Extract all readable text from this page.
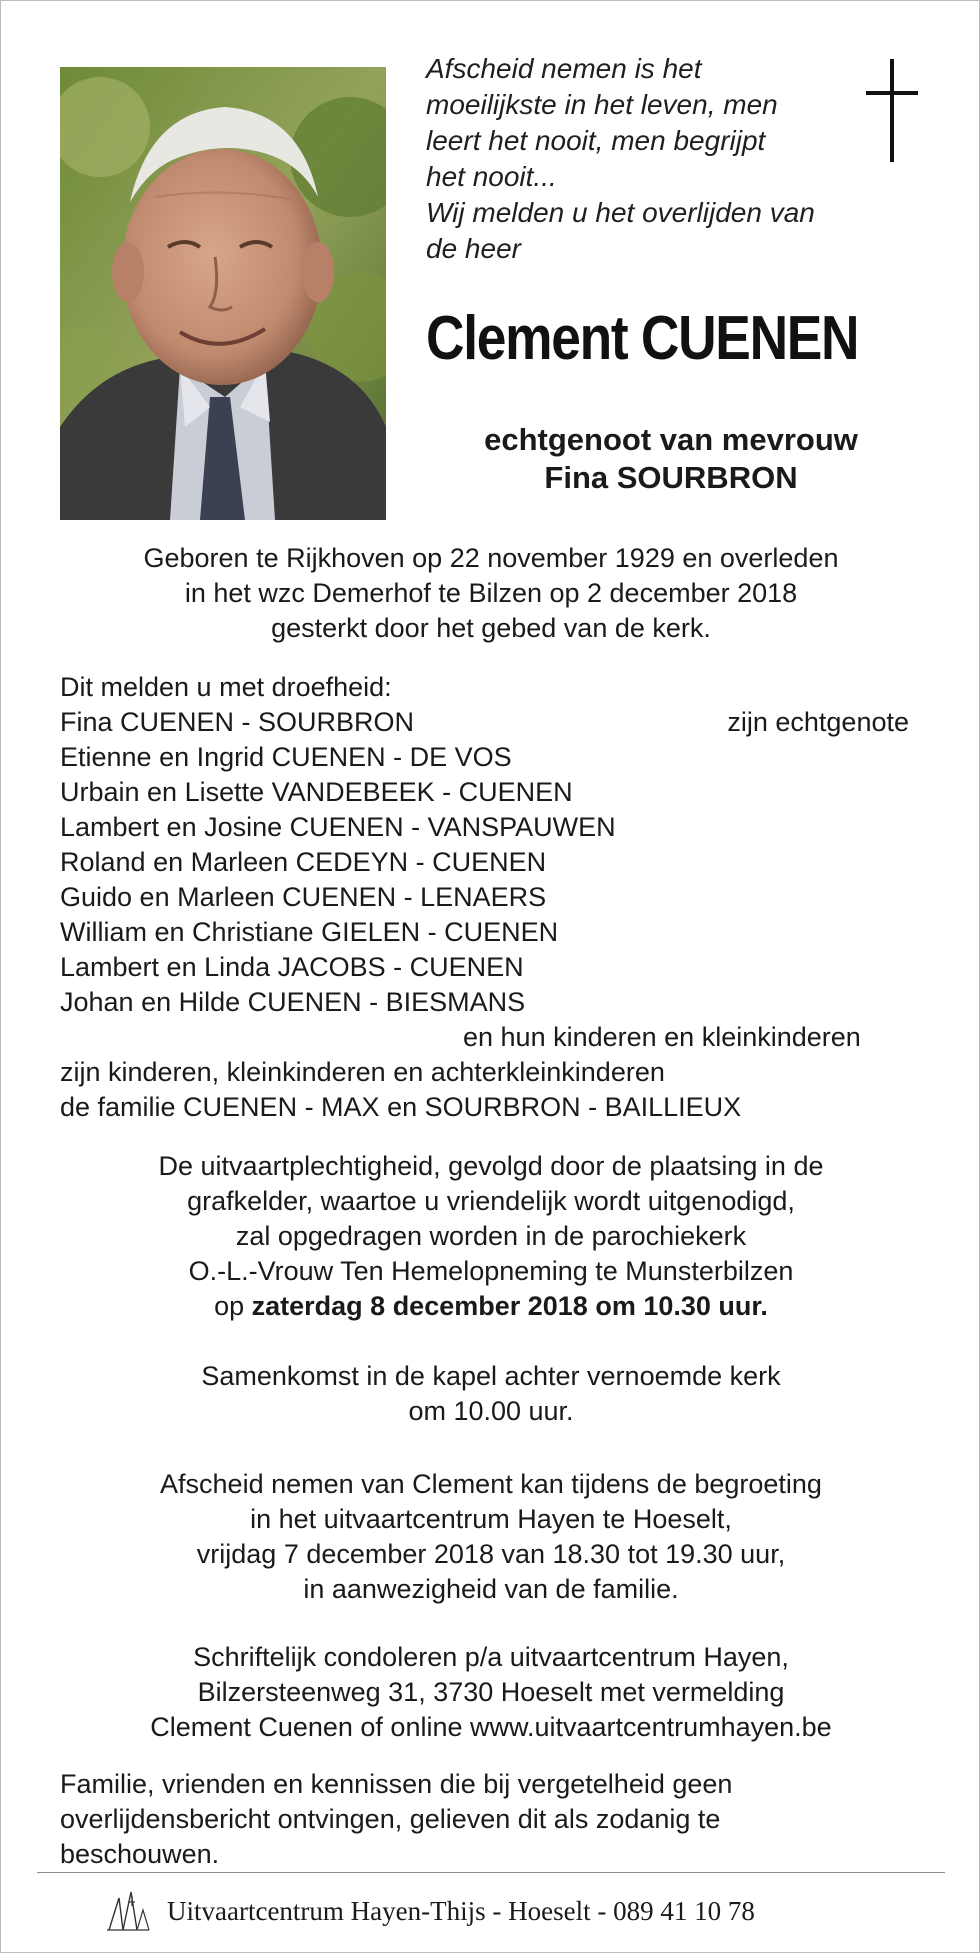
Afscheid nemen is het
moeilijkste in het leven, men
leert het nooit, men begrijpt
het nooit...
Wij melden u het overlijden van
de heer
Clement CUENEN
echtgenoot van mevrouw
Fina SOURBRON
Geboren te Rijkhoven op 22 november 1929 en overleden
in het wzc Demerhof te Bilzen op 2 december 2018
gesterkt door het gebed van de kerk.
Dit melden u met droefheid:
Fina CUENEN - SOURBRON	zijn echtgenote
Etienne en Ingrid CUENEN - DE VOS
Urbain en Lisette VANDEBEEK - CUENEN
Lambert en Josine CUENEN - VANSPAUWEN
Roland en Marleen CEDEYN - CUENEN
Guido en Marleen CUENEN - LENAERS
William en Christiane GIELEN - CUENEN
Lambert en Linda JACOBS - CUENEN
Johan en Hilde CUENEN - BIESMANS
en hun kinderen en kleinkinderen
zijn kinderen, kleinkinderen en achterkleinkinderen
de familie CUENEN - MAX en SOURBRON - BAILLIEUX
De uitvaartplechtigheid, gevolgd door de plaatsing in de
grafkelder, waartoe u vriendelijk wordt uitgenodigd,
zal opgedragen worden in de parochiekerk
O.-L.-Vrouw Ten Hemelopneming te Munsterbilzen
op zaterdag 8 december 2018 om 10.30 uur.
Samenkomst in de kapel achter vernoemde kerk
om 10.00 uur.
Afscheid nemen van Clement kan tijdens de begroeting
in het uitvaartcentrum Hayen te Hoeselt,
vrijdag 7 december 2018 van 18.30 tot 19.30 uur,
in aanwezigheid van de familie.
Schriftelijk condoleren p/a uitvaartcentrum Hayen,
Bilzersteenweg 31, 3730 Hoeselt met vermelding
Clement Cuenen of online www.uitvaartcentrumhayen.be
Familie, vrienden en kennissen die bij vergetelheid geen
overlijdensbericht ontvingen, gelieven dit als zodanig te
beschouwen.
Uitvaartcentrum Hayen-Thijs - Hoeselt - 089 41 10 78
